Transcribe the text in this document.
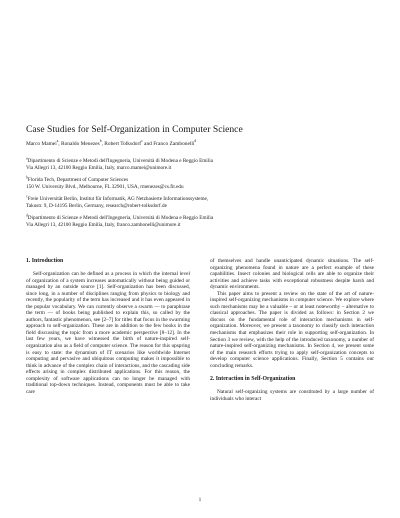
Case Studies for Self-Organization in Computer Science
Marco Mamei$^a$, Ronaldo Menezes$^b$, Robert Tolksdorf$^c$ and Franco Zambonelli$^d$
$^a$Dipartimento di Scienze e Metodi dell'Ingegneria, Università di Modena e Reggio Emilia
Via Allegri 13, 42100 Reggio Emilia, Italy, marco.mamei@unimore.it
$^b$Florida Tech, Department of Computer Sciences
150 W. University Blvd., Melbourne, FL 32901, USA, rmenezes@cs.fit.edu
$^c$Freie Universität Berlin, Institut für Informatik, AG Netzbasierte Informationssysteme,
Takustr. 9, D-14195 Berlin, Germany, research@robert-tolksdorf.de
$^d$Dipartimento di Scienze e Metodi dell'Ingegneria, Università di Modena e Reggio Emilia
Via Allegri 13, 42100 Reggio Emilia, Italy, franco.zambonelli@unimore.it
1. Introduction

Self-organization can be defined as a process in which the internal level of organization of a system increases automatically without being guided or managed by an outside source [1]. Self-organization has been discussed, since long, in a number of disciplines ranging from physics to biology and recently, the popularity of the term has increased and it has even appeared in the popular vocabulary. We can currently observe a swarm — to paraphrase the term — of books being published to explain this, so called by the authors, fantastic phenomenon, see [2–7] for titles that focus in the swarming approach to self-organization. These are in addition to the few books in the field discussing the topic from a more academic perspective [8–12]. In the last few years, we have witnessed the birth of nature-inspired self-organization also as a field of computer science. The reason for this upspring is easy to state: the dynamism of IT scenarios like worldwide Internet computing and pervasive and ubiquitous computing makes it impossible to think in advance of the complex chain of interactions, and the cascading side effects arising in complex distributed applications. For this reason, the complexity of software applications can no longer be managed with traditional top-down techniques. Instead, components must be able to take care

of themselves and handle unanticipated dynamic situations. The self-organizing phenomena found in nature are a perfect example of these capabilities. Insect colonies and biological cells are able to organize their activities and achieve tasks with exceptional robustness despite harsh and dynamic environments.

This paper aims to present a review on the state of the art of nature-inspired self-organizing mechanisms in computer science. We explore where such mechanisms may be a valuable – or at least noteworthy – alternative to classical approaches. The paper is divided as follows: in Section 2 we discuss on the fundamental role of interaction mechanisms in self-organization. Moreover, we present a taxonomy to classify such interaction mechanisms that emphasizes their role in supporting self-organization. In Section 3 we review, with the help of the introduced taxonomy, a number of nature-inspired self-organizing mechanisms. In Section 4, we present some of the main research efforts trying to apply self-organization concepts to develop computer science applications. Finally, Section 5 contains our concluding remarks.

2. Interaction in Self-Organization

Natural self-organizing systems are constituted by a large number of individuals who interact

1
